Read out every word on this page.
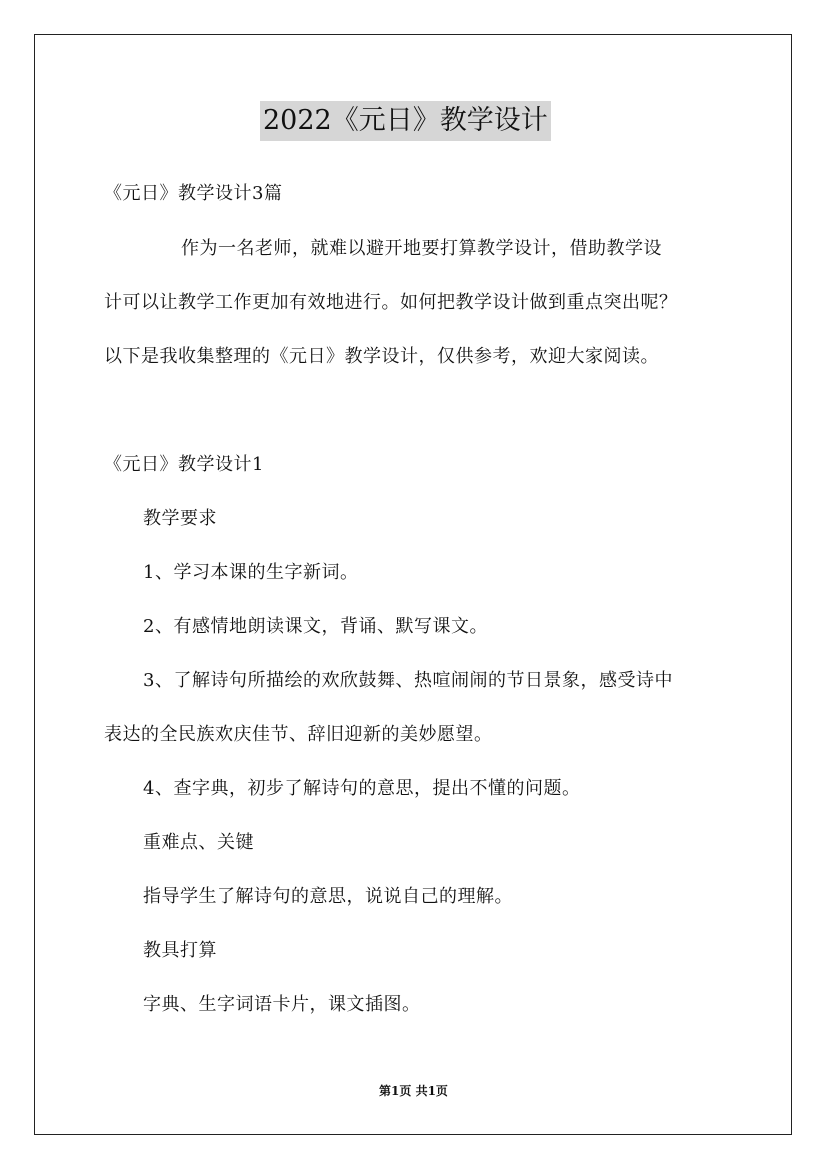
2022《元日》教学设计
《元日》教学设计3篇
作为一名老师，就难以避开地要打算教学设计，借助教学设
计可以让教学工作更加有效地进行。如何把教学设计做到重点突出呢？
以下是我收集整理的《元日》教学设计，仅供参考，欢迎大家阅读。
《元日》教学设计1
教学要求
1、学习本课的生字新词。
2、有感情地朗读课文，背诵、默写课文。
3、了解诗句所描绘的欢欣鼓舞、热喧闹闹的节日景象，感受诗中
表达的全民族欢庆佳节、辞旧迎新的美妙愿望。
4、查字典，初步了解诗句的意思，提出不懂的问题。
重难点、关键
指导学生了解诗句的意思，说说自己的理解。
教具打算
字典、生字词语卡片，课文插图。
第1页 共1页
